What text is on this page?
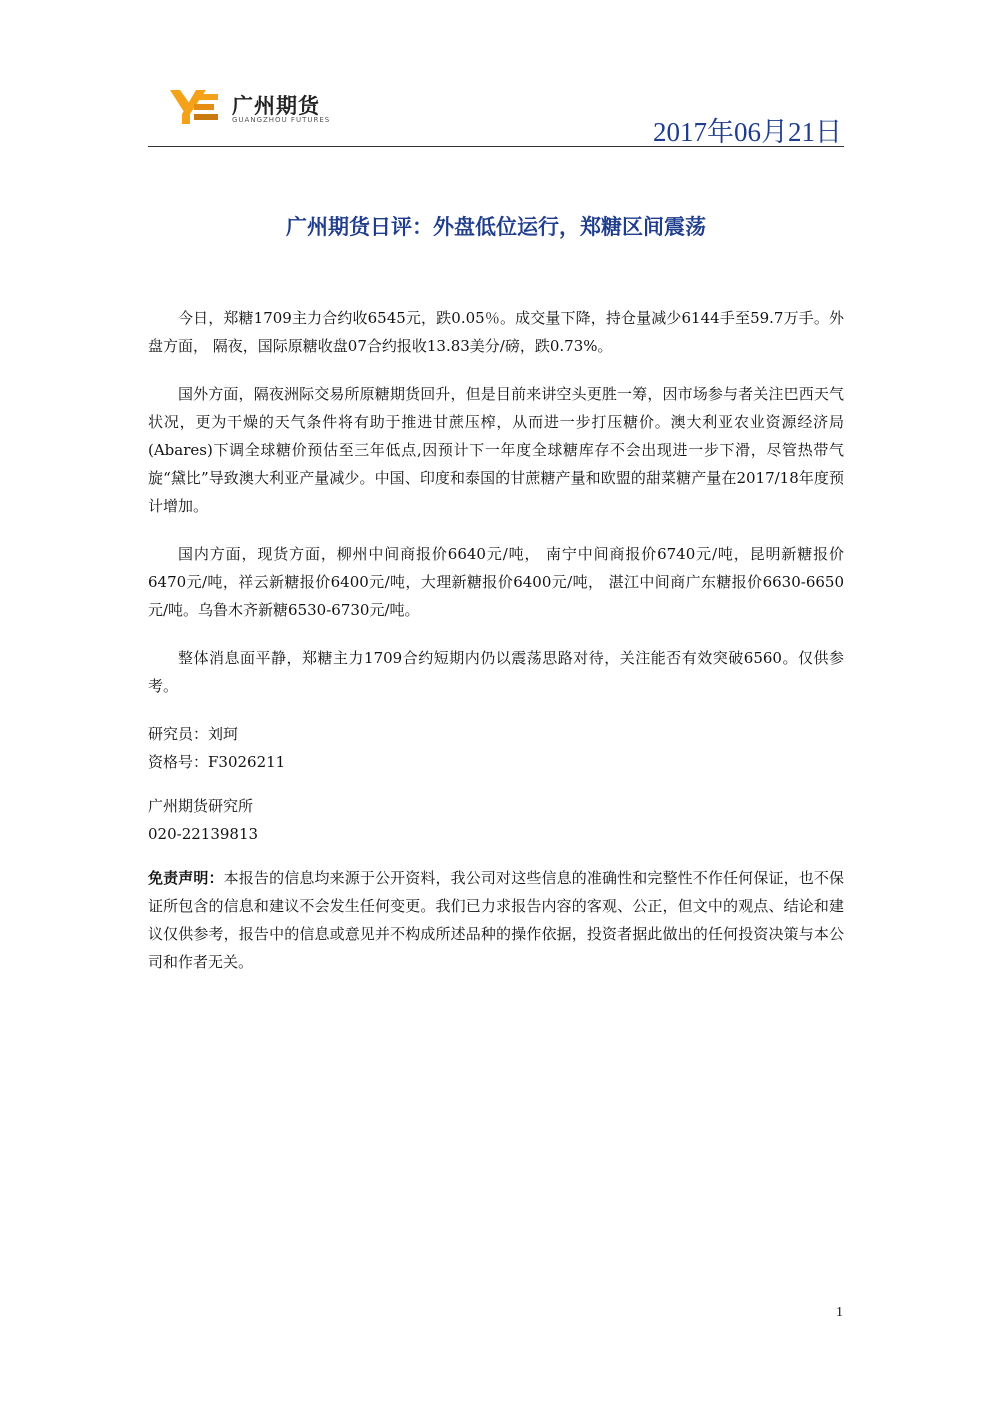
广州期货
GUANGZHOU FUTURES	2017年06月21日
广州期货日评：外盘低位运行，郑糖区间震荡

今日，郑糖1709主力合约收6545元，跌0.05％。成交量下降，持仓量减少6144手至59.7万手。外盘方面， 隔夜，国际原糖收盘07合约报收13.83美分/磅，跌0.73%。

国外方面，隔夜洲际交易所原糖期货回升，但是目前来讲空头更胜一筹，因市场参与者关注巴西天气状况，更为干燥的天气条件将有助于推进甘蔗压榨，从而进一步打压糖价。澳大利亚农业资源经济局(Abares)下调全球糖价预估至三年低点,因预计下一年度全球糖库存不会出现进一步下滑，尽管热带气旋“黛比”导致澳大利亚产量减少。中国、印度和泰国的甘蔗糖产量和欧盟的甜菜糖产量在2017/18年度预计增加。

国内方面，现货方面，柳州中间商报价6640元/吨， 南宁中间商报价6740元/吨，昆明新糖报价6470元/吨，祥云新糖报价6400元/吨，大理新糖报价6400元/吨， 湛江中间商广东糖报价6630-6650元/吨。乌鲁木齐新糖6530-6730元/吨。

整体消息面平静，郑糖主力1709合约短期内仍以震荡思路对待，关注能否有效突破6560。仅供参考。

研究员：刘珂

资格号：F3026211

广州期货研究所

020-22139813

免责声明：本报告的信息均来源于公开资料，我公司对这些信息的准确性和完整性不作任何保证，也不保证所包含的信息和建议不会发生任何变更。我们已力求报告内容的客观、公正，但文中的观点、结论和建议仅供参考，报告中的信息或意见并不构成所述品种的操作依据，投资者据此做出的任何投资决策与本公司和作者无关。

1
